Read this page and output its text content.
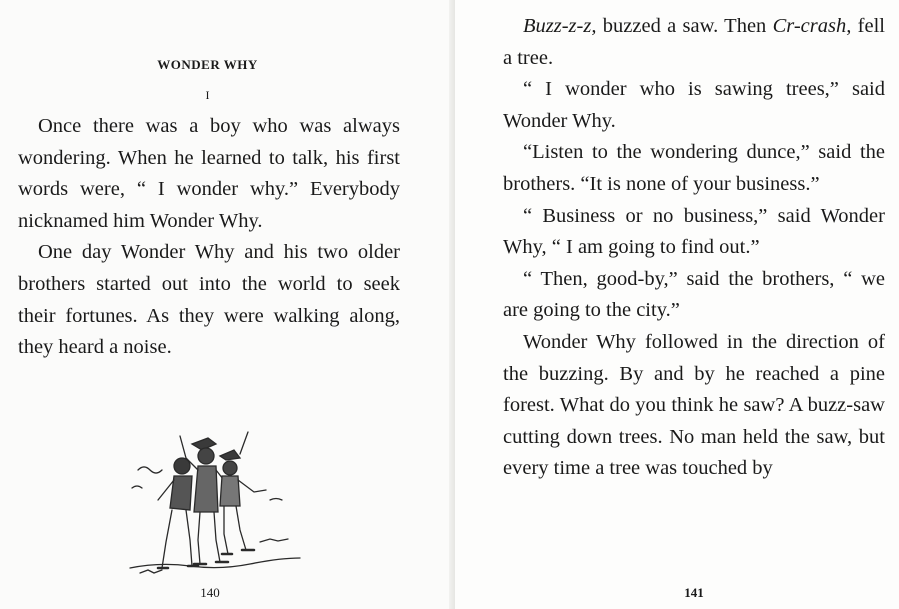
WONDER WHY
I

Once there was a boy who was always wondering. When he learned to talk, his first words were, “ I wonder why.” Everybody nicknamed him Wonder Why.

One day Wonder Why and his two older brothers started out into the world to seek their fortunes. As they were walking along, they heard a noise.

140

Buzz-z-z, buzzed a saw. Then Cr-crash, fell a tree.

“ I wonder who is sawing trees,” said Wonder Why.

“Listen to the wondering dunce,” said the brothers. “It is none of your business.”

“ Business or no business,” said Wonder Why, “ I am going to find out.”

“ Then, good-by,” said the brothers, “ we are going to the city.”

Wonder Why followed in the direction of the buzzing. By and by he reached a pine forest. What do you think he saw? A buzz-saw cutting down trees. No man held the saw, but every time a tree was touched by

141
